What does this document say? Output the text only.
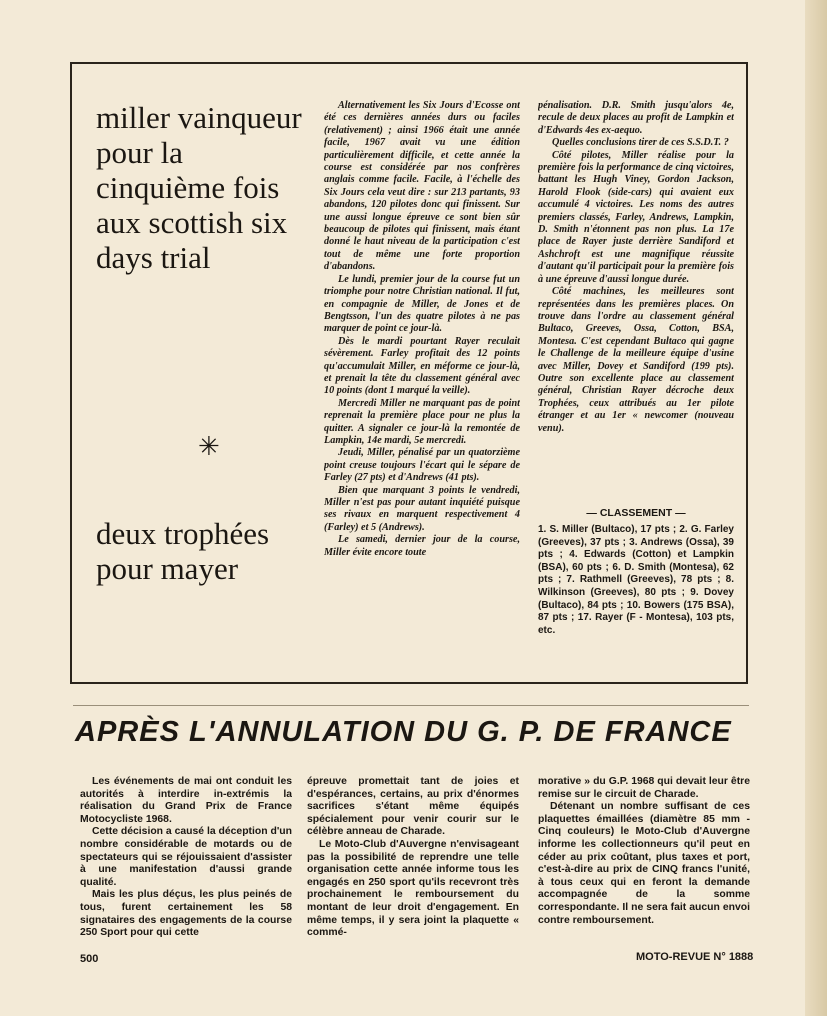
miller vainqueur pour la cinquième fois aux scottish six days trial
✳
deux trophées pour mayer

Alternativement les Six Jours d'Ecosse ont été ces dernières années durs ou faciles (relativement) ; ainsi 1966 était une année facile, 1967 avait vu une édition particulièrement difficile, et cette année la course est considérée par nos confrères anglais comme facile. Facile, à l'échelle des Six Jours cela veut dire : sur 213 partants, 93 abandons, 120 pilotes donc qui finissent. Sur une aussi longue épreuve ce sont bien sûr beaucoup de pilotes qui finissent, mais étant donné le haut niveau de la participation c'est tout de même une forte proportion d'abandons.

Le lundi, premier jour de la course fut un triomphe pour notre Christian national. Il fut, en compagnie de Miller, de Jones et de Bengtsson, l'un des quatre pilotes à ne pas marquer de point ce jour-là.

Dès le mardi pourtant Rayer reculait sévèrement. Farley profitait des 12 points qu'accumulait Miller, en méforme ce jour-là, et prenait la tête du classement général avec 10 points (dont 1 marqué la veille).

Mercredi Miller ne marquant pas de point reprenait la première place pour ne plus la quitter. A signaler ce jour-là la remontée de Lampkin, 14e mardi, 5e mercredi.

Jeudi, Miller, pénalisé par un quatorzième point creuse toujours l'écart qui le sépare de Farley (27 pts) et d'Andrews (41 pts).

Bien que marquant 3 points le vendredi, Miller n'est pas pour autant inquiété puisque ses rivaux en marquent respectivement 4 (Farley) et 5 (Andrews).

Le samedi, dernier jour de la course, Miller évite encore toute

pénalisation. D.R. Smith jusqu'alors 4e, recule de deux places au profit de Lampkin et d'Edwards 4es ex-aequo.

Quelles conclusions tirer de ces S.S.D.T. ?

Côté pilotes, Miller réalise pour la première fois la performance de cinq victoires, battant les Hugh Viney, Gordon Jackson, Harold Flook (side-cars) qui avaient eux accumulé 4 victoires. Les noms des autres premiers classés, Farley, Andrews, Lampkin, D. Smith n'étonnent pas non plus. La 17e place de Rayer juste derrière Sandiford et Ashchroft est une magnifique réussite d'autant qu'il participait pour la première fois à une épreuve d'aussi longue durée.

Côté machines, les meilleures sont représentées dans les premières places. On trouve dans l'ordre au classement général Bultaco, Greeves, Ossa, Cotton, BSA, Montesa. C'est cependant Bultaco qui gagne le Challenge de la meilleure équipe d'usine avec Miller, Dovey et Sandiford (199 pts). Outre son excellente place au classement général, Christian Rayer décroche deux Trophées, ceux attribués au 1er pilote étranger et au 1er « newcomer (nouveau venu).

— CLASSEMENT —
1. S. Miller (Bultaco), 17 pts ; 2. G. Farley (Greeves), 37 pts ; 3. Andrews (Ossa), 39 pts ; 4. Edwards (Cotton) et Lampkin (BSA), 60 pts ; 6. D. Smith (Montesa), 62 pts ; 7. Rathmell (Greeves), 78 pts ; 8. Wilkinson (Greeves), 80 pts ; 9. Dovey (Bultaco), 84 pts ; 10. Bowers (175 BSA), 87 pts ; 17. Rayer (F - Montesa), 103 pts, etc.
APRÈS L'ANNULATION DU G. P. DE FRANCE

Les événements de mai ont conduit les autorités à interdire in-extrémis la réalisation du Grand Prix de France Motocycliste 1968.

Cette décision a causé la déception d'un nombre considérable de motards ou de spectateurs qui se réjouissaient d'assister à une manifestation d'aussi grande qualité.

Mais les plus déçus, les plus peinés de tous, furent certainement les 58 signataires des engagements de la course 250 Sport pour qui cette

épreuve promettait tant de joies et d'espérances, certains, au prix d'énormes sacrifices s'étant même équipés spécialement pour venir courir sur le célèbre anneau de Charade.

Le Moto-Club d'Auvergne n'envisageant pas la possibilité de reprendre une telle organisation cette année informe tous les engagés en 250 sport qu'ils recevront très prochainement le remboursement du montant de leur droit d'engagement. En même temps, il y sera joint la plaquette « commé-

morative » du G.P. 1968 qui devait leur être remise sur le circuit de Charade.

Détenant un nombre suffisant de ces plaquettes émaillées (diamètre 85 mm - Cinq couleurs) le Moto-Club d'Auvergne informe les collectionneurs qu'il peut en céder au prix coûtant, plus taxes et port, c'est-à-dire au prix de CINQ francs l'unité, à tous ceux qui en feront la demande accompagnée de la somme correspondante. Il ne sera fait aucun envoi contre remboursement.

500	MOTO-REVUE N° 1888
